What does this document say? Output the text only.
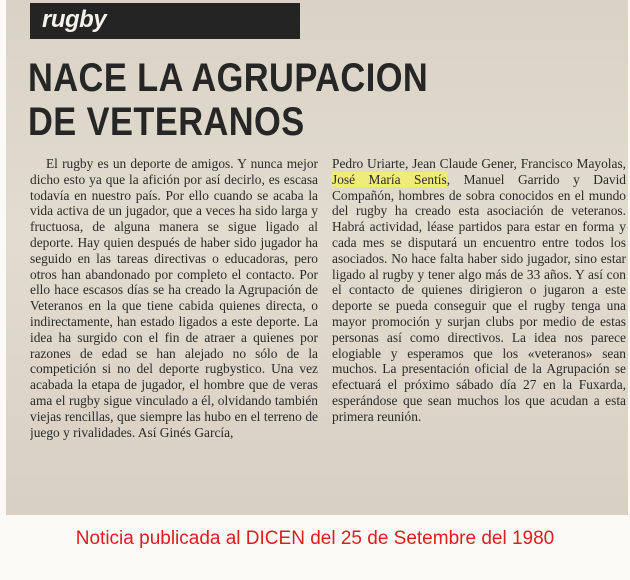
rugby
NACE LA AGRUPACION
DE VETERANOS

El rugby es un deporte de amigos. Y nunca mejor dicho esto ya que la afición por así decirlo, es escasa todavía en nuestro país. Por ello cuando se acaba la vida activa de un jugador, que a veces ha sido larga y fructuosa, de alguna manera se sigue ligado al deporte. Hay quien después de haber sido jugador ha seguido en las tareas directivas o educadoras, pero otros han abandonado por completo el contacto. Por ello hace escasos días se ha creado la Agrupación de Veteranos en la que tiene cabida quienes directa, o indirectamente, han estado ligados a este deporte. La idea ha surgido con el fin de atraer a quienes por razones de edad se han alejado no sólo de la competición si no del deporte rugbystico. Una vez acabada la etapa de jugador, el hombre que de veras ama el rugby sigue vinculado a él, olvidando también viejas rencillas, que siempre las hubo en el terreno de juego y rivalidades. Así Ginés García,

Pedro Uriarte, Jean Claude Gener, Francisco Mayolas, José María Sentís, Manuel Garrido y David Compañón, hombres de sobra conocidos en el mundo del rugby ha creado esta asociación de veteranos. Habrá actividad, léase partidos para estar en forma y cada mes se disputará un encuentro entre todos los asociados. No hace falta haber sido jugador, sino estar ligado al rugby y tener algo más de 33 años. Y así con el contacto de quienes dirigieron o jugaron a este deporte se pueda conseguir que el rugby tenga una mayor promoción y surjan clubs por medio de estas personas así como directivos. La idea nos parece elogiable y esperamos que los «veteranos» sean muchos. La presentación oficial de la Agrupación se efectuará el próximo sábado día 27 en la Fuxarda, esperándose que sean muchos los que acudan a esta primera reunión.

Noticia publicada al DICEN del 25 de Setembre del 1980
